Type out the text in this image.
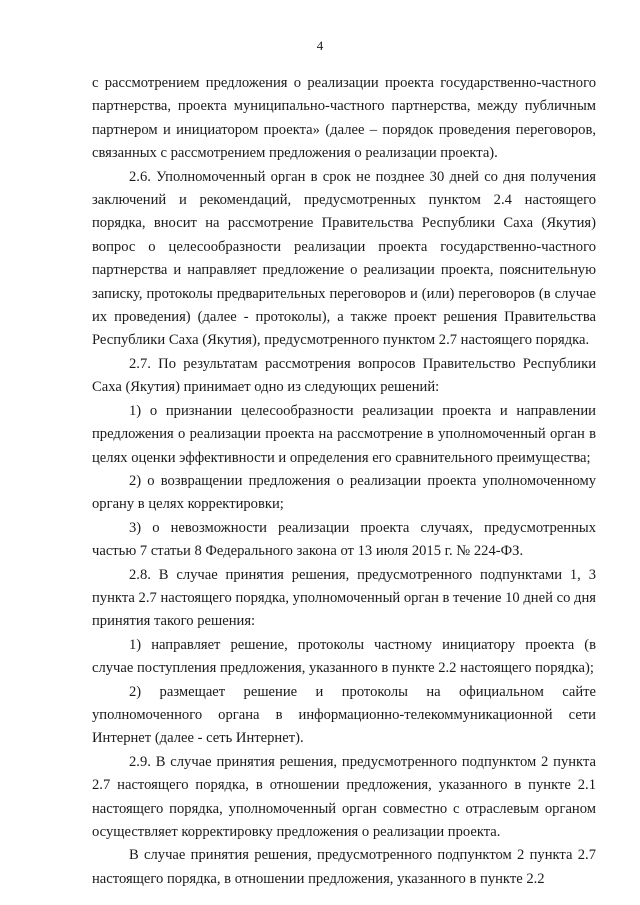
4

с рассмотрением предложения о реализации проекта государственно-частного партнерства, проекта муниципально-частного партнерства, между публичным партнером и инициатором проекта» (далее – порядок проведения переговоров, связанных с рассмотрением предложения о реализации проекта).

2.6. Уполномоченный орган в срок не позднее 30 дней со дня получения заключений и рекомендаций, предусмотренных пунктом 2.4 настоящего порядка, вносит на рассмотрение Правительства Республики Саха (Якутия) вопрос о целесообразности реализации проекта государственно-частного партнерства и направляет предложение о реализации проекта, пояснительную записку, протоколы предварительных переговоров и (или) переговоров (в случае их проведения) (далее - протоколы), а также проект решения Правительства Республики Саха (Якутия), предусмотренного пунктом 2.7 настоящего порядка.

2.7. По результатам рассмотрения вопросов Правительство Республики Саха (Якутия) принимает одно из следующих решений:

1) о признании целесообразности реализации проекта и направлении предложения о реализации проекта на рассмотрение в уполномоченный орган в целях оценки эффективности и определения его сравнительного преимущества;

2) о возвращении предложения о реализации проекта уполномоченному органу в целях корректировки;

3) о невозможности реализации проекта случаях, предусмотренных частью 7 статьи 8 Федерального закона от 13 июля 2015 г. № 224-ФЗ.

2.8. В случае принятия решения, предусмотренного подпунктами 1, 3 пункта 2.7 настоящего порядка, уполномоченный орган в течение 10 дней со дня принятия такого решения:

1) направляет решение, протоколы частному инициатору проекта (в случае поступления предложения, указанного в пункте 2.2 настоящего порядка);

2) размещает решение и протоколы на официальном сайте уполномоченного органа в информационно-телекоммуникационной сети Интернет (далее - сеть Интернет).

2.9. В случае принятия решения, предусмотренного подпунктом 2 пункта 2.7 настоящего порядка, в отношении предложения, указанного в пункте 2.1 настоящего порядка, уполномоченный орган совместно с отраслевым органом осуществляет корректировку предложения о реализации проекта.

В случае принятия решения, предусмотренного подпунктом 2 пункта 2.7 настоящего порядка, в отношении предложения, указанного в пункте 2.2
